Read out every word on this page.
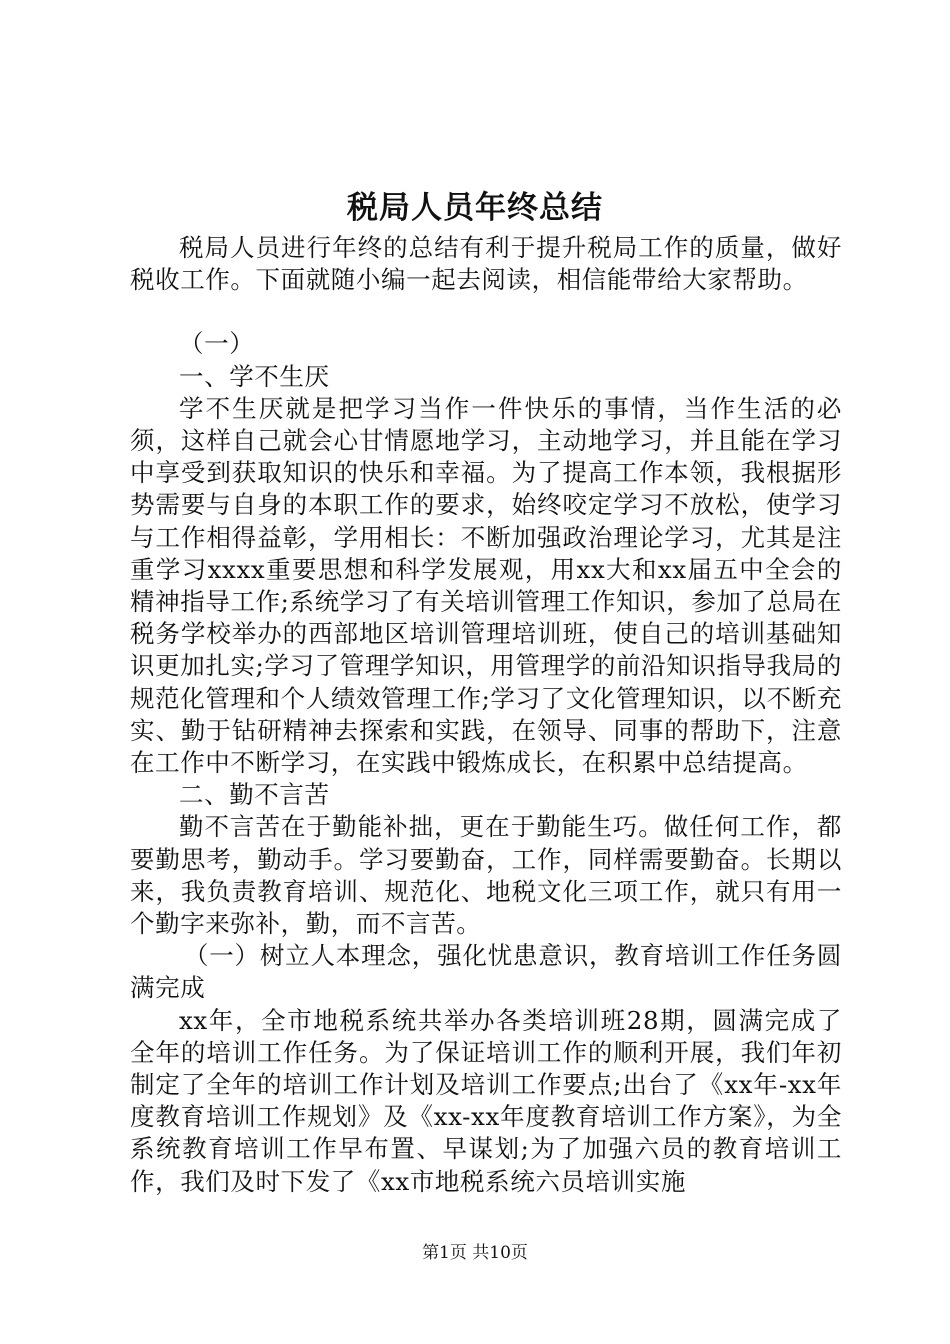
税局人员年终总结

税局人员进行年终的总结有利于提升税局工作的质量，做好税收工作。下面就随小编一起去阅读，相信能带给大家帮助。

（一）

一、学不生厌

学不生厌就是把学习当作一件快乐的事情，当作生活的必须，这样自己就会心甘情愿地学习，主动地学习，并且能在学习中享受到获取知识的快乐和幸福。为了提高工作本领，我根据形势需要与自身的本职工作的要求，始终咬定学习不放松，使学习与工作相得益彰，学用相长：不断加强政治理论学习，尤其是注重学习xxxx重要思想和科学发展观，用xx大和xx届五中全会的精神指导工作;系统学习了有关培训管理工作知识，参加了总局在税务学校举办的西部地区培训管理培训班，使自己的培训基础知识更加扎实;学习了管理学知识，用管理学的前沿知识指导我局的规范化管理和个人绩效管理工作;学习了文化管理知识，以不断充实、勤于钻研精神去探索和实践，在领导、同事的帮助下，注意在工作中不断学习，在实践中锻炼成长，在积累中总结提高。

二、勤不言苦

勤不言苦在于勤能补拙，更在于勤能生巧。做任何工作，都要勤思考，勤动手。学习要勤奋，工作，同样需要勤奋。长期以来，我负责教育培训、规范化、地税文化三项工作，就只有用一个勤字来弥补，勤，而不言苦。

（一）树立人本理念，强化忧患意识，教育培训工作任务圆满完成

xx年，全市地税系统共举办各类培训班28期，圆满完成了全年的培训工作任务。为了保证培训工作的顺利开展，我们年初制定了全年的培训工作计划及培训工作要点;出台了《xx年-xx年度教育培训工作规划》及《xx-xx年度教育培训工作方案》，为全系统教育培训工作早布置、早谋划;为了加强六员的教育培训工作，我们及时下发了《xx市地税系统六员培训实施

第1页 共10页
